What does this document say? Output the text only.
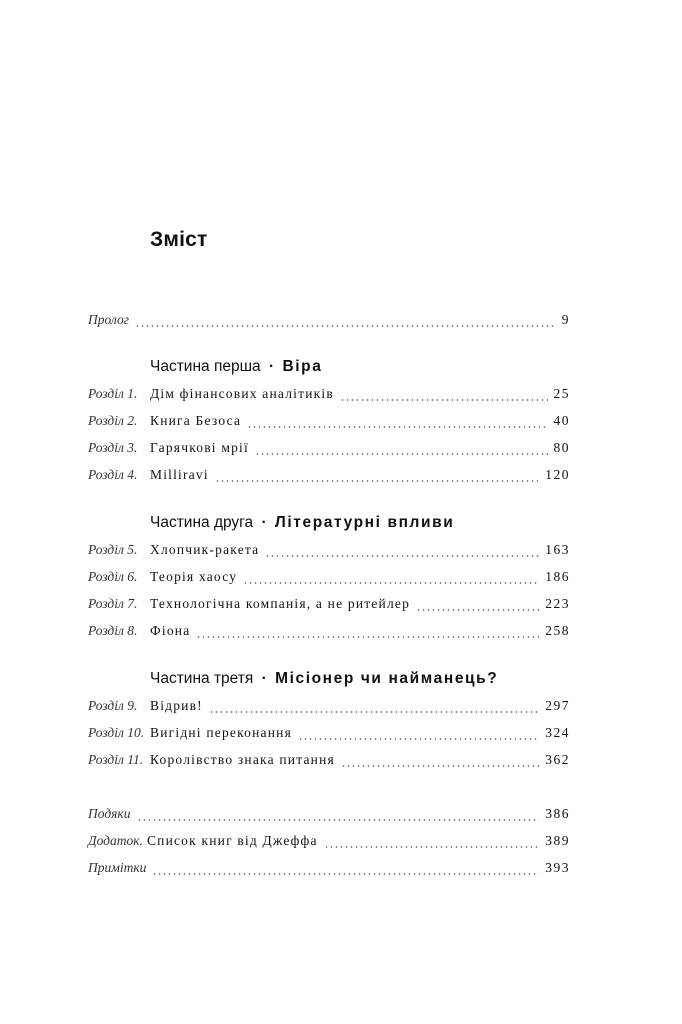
Зміст
Пролог	9
Частина перша · Віра
Розділ 1. Дім фінансових аналітиків	25
Розділ 2. Книга Безоса	40
Розділ 3. Гарячкові мрії	80
Розділ 4. Milliravi	120
Частина друга · Літературні впливи
Розділ 5. Хлопчик-ракета	163
Розділ 6. Теорія хаосу	186
Розділ 7. Технологічна компанія, а не ритейлер	223
Розділ 8. Фіона	258
Частина третя · Місіонер чи найманець?
Розділ 9. Відрив!	297
Розділ 10. Вигідні переконання	324
Розділ 11. Королівство знака питання	362
Подяки	386
Додаток. Список книг від Джеффа	389
Примітки	393
